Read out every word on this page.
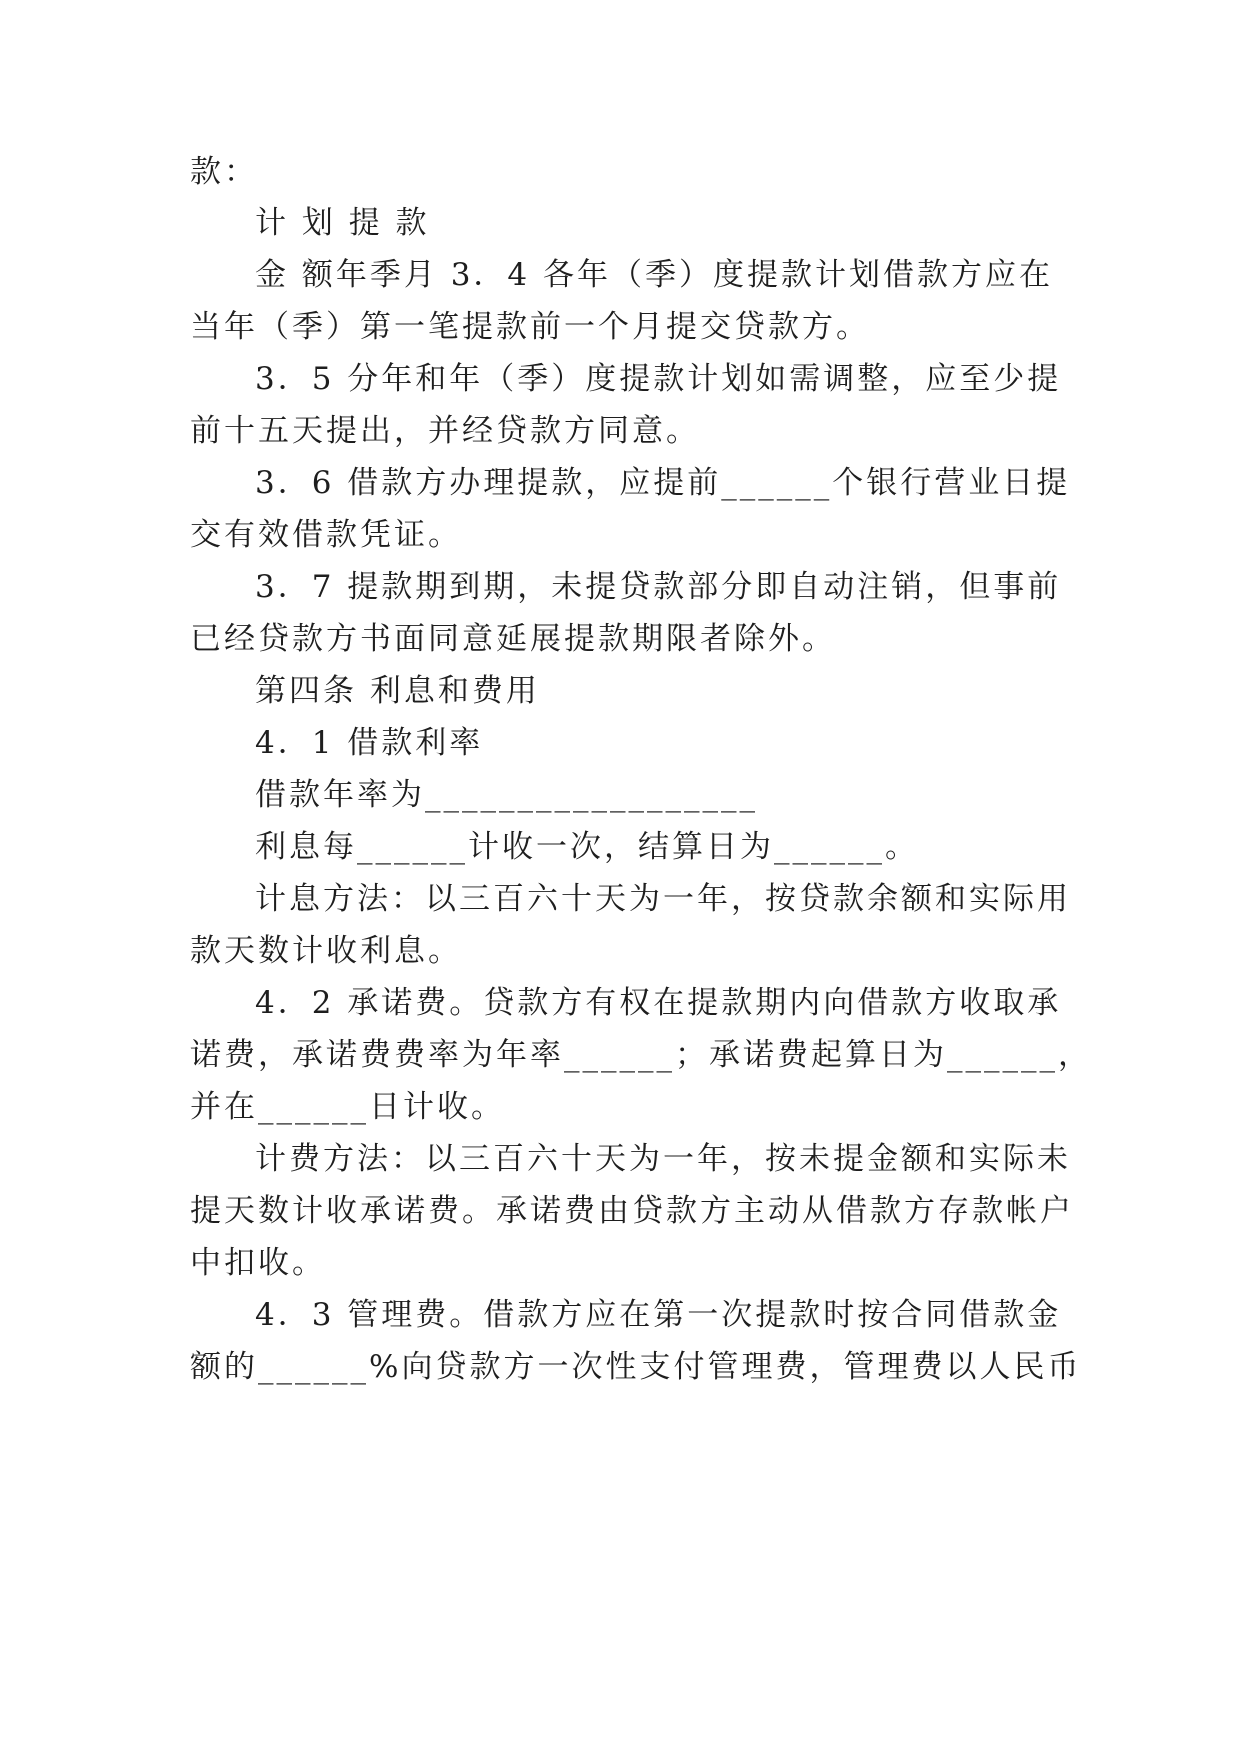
款：
计 划 提 款
金 额年季月 3．4 各年（季）度提款计划借款方应在
当年（季）第一笔提款前一个月提交贷款方。
3．5 分年和年（季）度提款计划如需调整，应至少提
前十五天提出，并经贷款方同意。
3．6 借款方办理提款，应提前______个银行营业日提
交有效借款凭证。
3．7 提款期到期，未提贷款部分即自动注销，但事前
已经贷款方书面同意延展提款期限者除外。
第四条 利息和费用
4．1 借款利率
借款年率为__________________
利息每______计收一次，结算日为______。
计息方法：以三百六十天为一年，按贷款余额和实际用
款天数计收利息。
4．2 承诺费。贷款方有权在提款期内向借款方收取承
诺费，承诺费费率为年率______；承诺费起算日为______，
并在______日计收。
计费方法：以三百六十天为一年，按未提金额和实际未
提天数计收承诺费。承诺费由贷款方主动从借款方存款帐户
中扣收。
4．3 管理费。借款方应在第一次提款时按合同借款金
额的______%向贷款方一次性支付管理费，管理费以人民币
